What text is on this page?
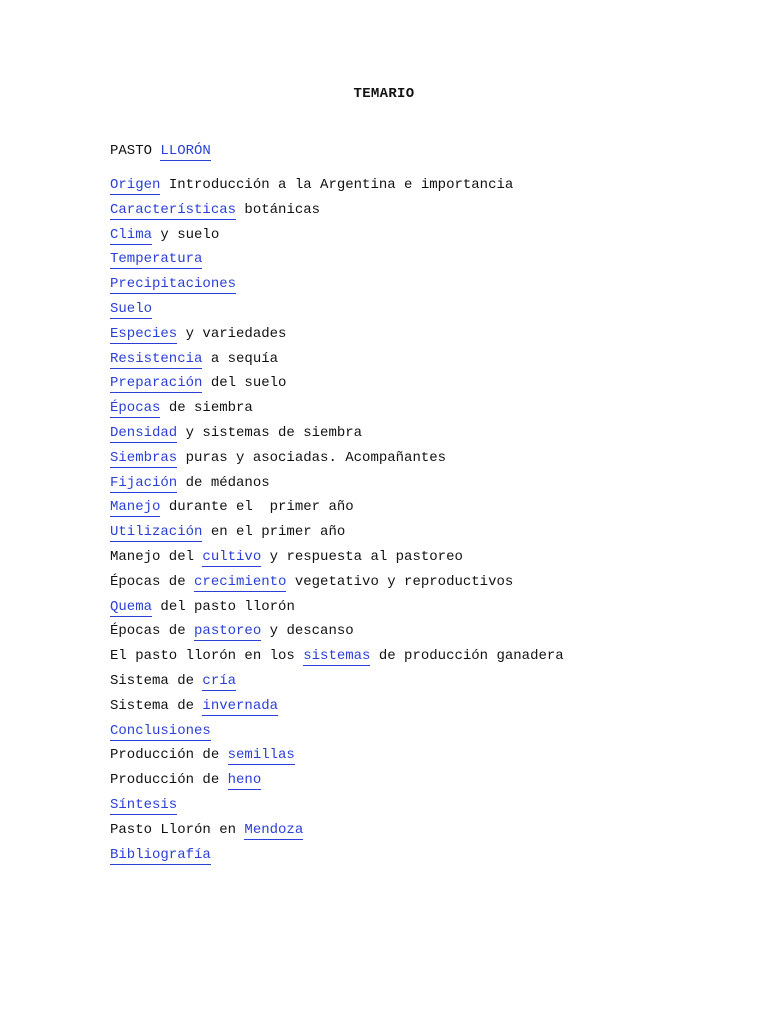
TEMARIO
PASTO LLORÓN
Origen Introducción a la Argentina e importancia
Características botánicas
Clima y suelo
Temperatura
Precipitaciones
Suelo
Especies y variedades
Resistencia a sequía
Preparación del suelo
Épocas de siembra
Densidad y sistemas de siembra
Siembras puras y asociadas. Acompañantes
Fijación de médanos
Manejo durante el  primer año
Utilización en el primer año
Manejo del cultivo y respuesta al pastoreo
Épocas de crecimiento vegetativo y reproductivos
Quema del pasto llorón
Épocas de pastoreo y descanso
El pasto llorón en los sistemas de producción ganadera
Sistema de cría
Sistema de invernada
Conclusiones
Producción de semillas
Producción de heno
Síntesis
Pasto Llorón en Mendoza
Bibliografía
